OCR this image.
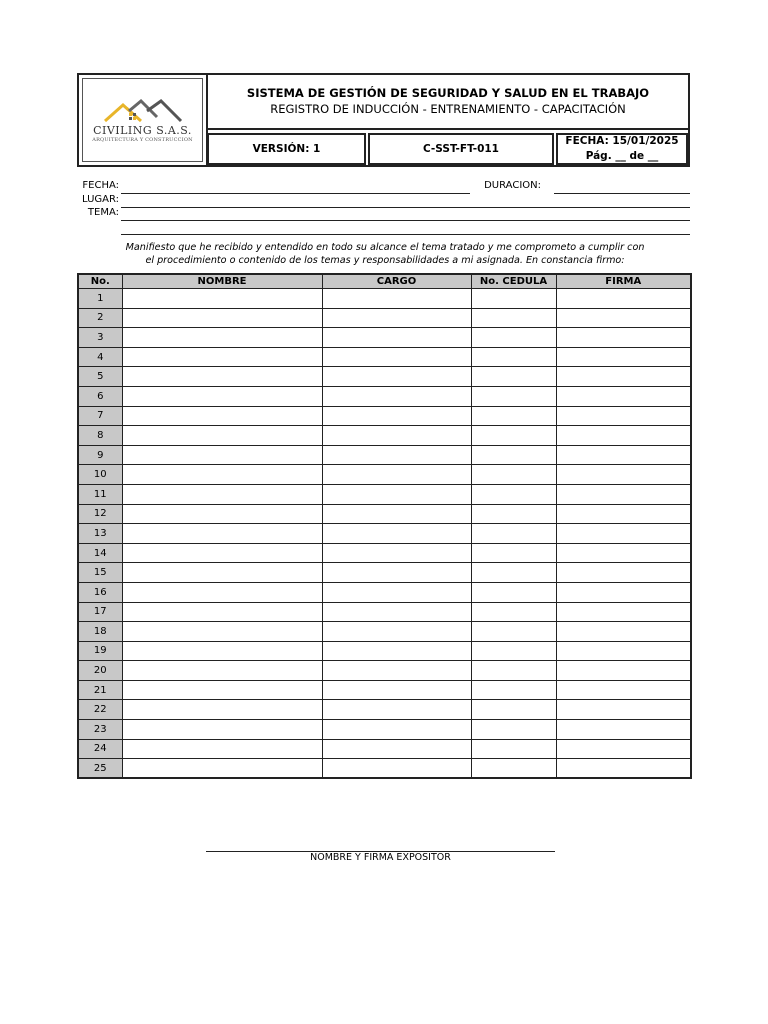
CIVILING S.A.S.
ARQUITECTURA Y CONSTRUCCION
SISTEMA DE GESTIÓN DE SEGURIDAD Y SALUD EN EL TRABAJO
REGISTRO DE INDUCCIÓN - ENTRENAMIENTO - CAPACITACIÓN
VERSIÓN: 1	C-SST-FT-011
FECHA: 15/01/2025
Pág. __ de __
FECHA:	DURACION:
LUGAR:
TEMA:
Manifiesto que he recibido y entendido en todo su alcance el tema tratado y me comprometo a cumplir con
el procedimiento o contenido de los temas y responsabilidades a mi asignada. En constancia firmo:
No.	NOMBRE	CARGO	No. CEDULA	FIRMA
1				
2				
3				
4				
5				
6				
7				
8				
9				
10				
11				
12				
13				
14				
15				
16				
17				
18				
19				
20				
21				
22				
23				
24				
25				
NOMBRE Y FIRMA EXPOSITOR
